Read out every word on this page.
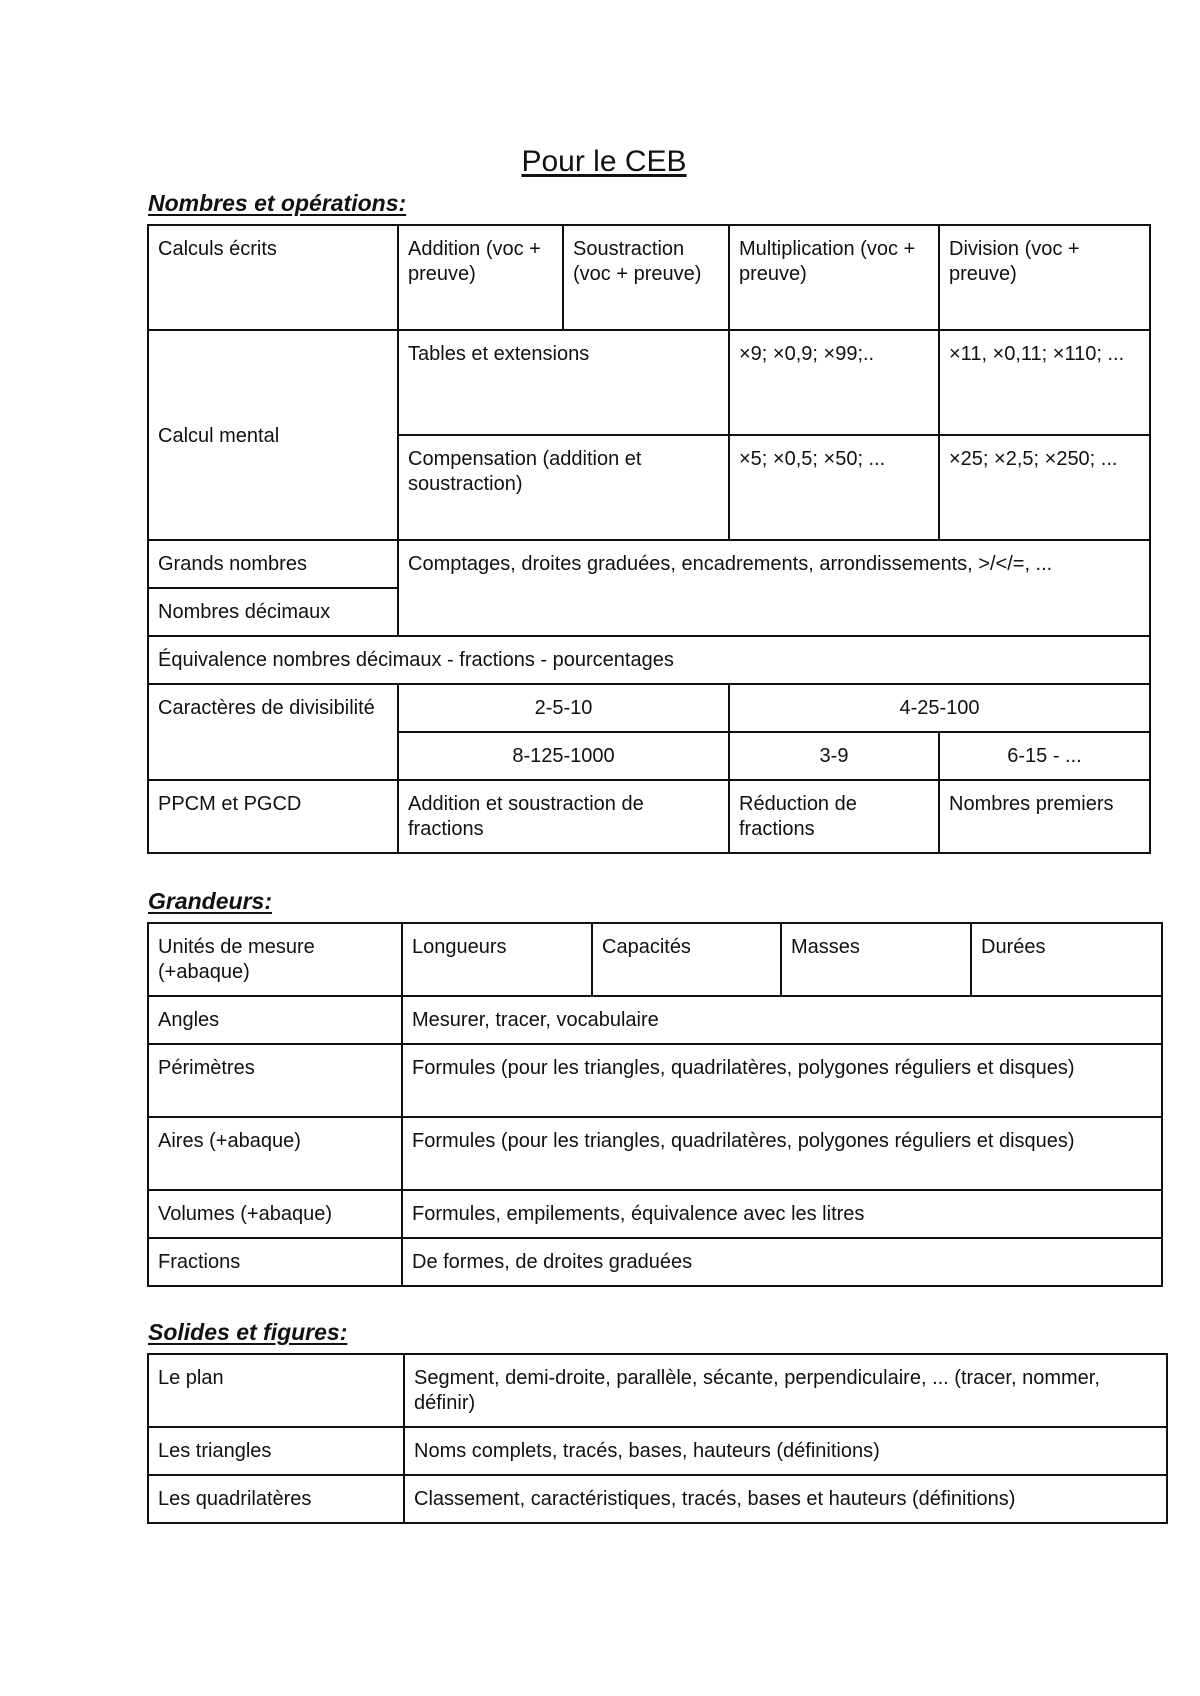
Pour le CEB
Nombres et opérations:
Calculs écrits	Addition (voc + preuve)	Soustraction (voc + preuve)	Multiplication (voc + preuve)	Division (voc + preuve)
Calcul mental	Tables et extensions		×9; ×0,9; ×99;..	×11, ×0,11; ×110; ...
	Compensation (addition et soustraction)		×5; ×0,5; ×50; ...	×25; ×2,5; ×250; ...
Grands nombres	Comptages, droites graduées, encadrements, arrondissements, >/</=, ...			
Nombres décimaux				
Équivalence nombres décimaux - fractions - pourcentages				
Caractères de divisibilité	2-5-10		4-25-100	
	8-125-1000		3-9	6-15 - ...
PPCM et PGCD	Addition et soustraction de fractions		Réduction de fractions	Nombres premiers
Grandeurs:
Unités de mesure (+abaque)	Longueurs	Capacités	Masses	Durées
Angles	Mesurer, tracer, vocabulaire			
Périmètres	Formules (pour les triangles, quadrilatères, polygones réguliers et disques)			
Aires (+abaque)	Formules (pour les triangles, quadrilatères, polygones réguliers et disques)			
Volumes (+abaque)	Formules, empilements, équivalence avec les litres			
Fractions	De formes, de droites graduées			
Solides et figures:
Le plan	Segment, demi-droite, parallèle, sécante, perpendiculaire, ... (tracer, nommer, définir)
Les triangles	Noms complets, tracés, bases, hauteurs (définitions)
Les quadrilatères	Classement, caractéristiques, tracés, bases et hauteurs (définitions)
